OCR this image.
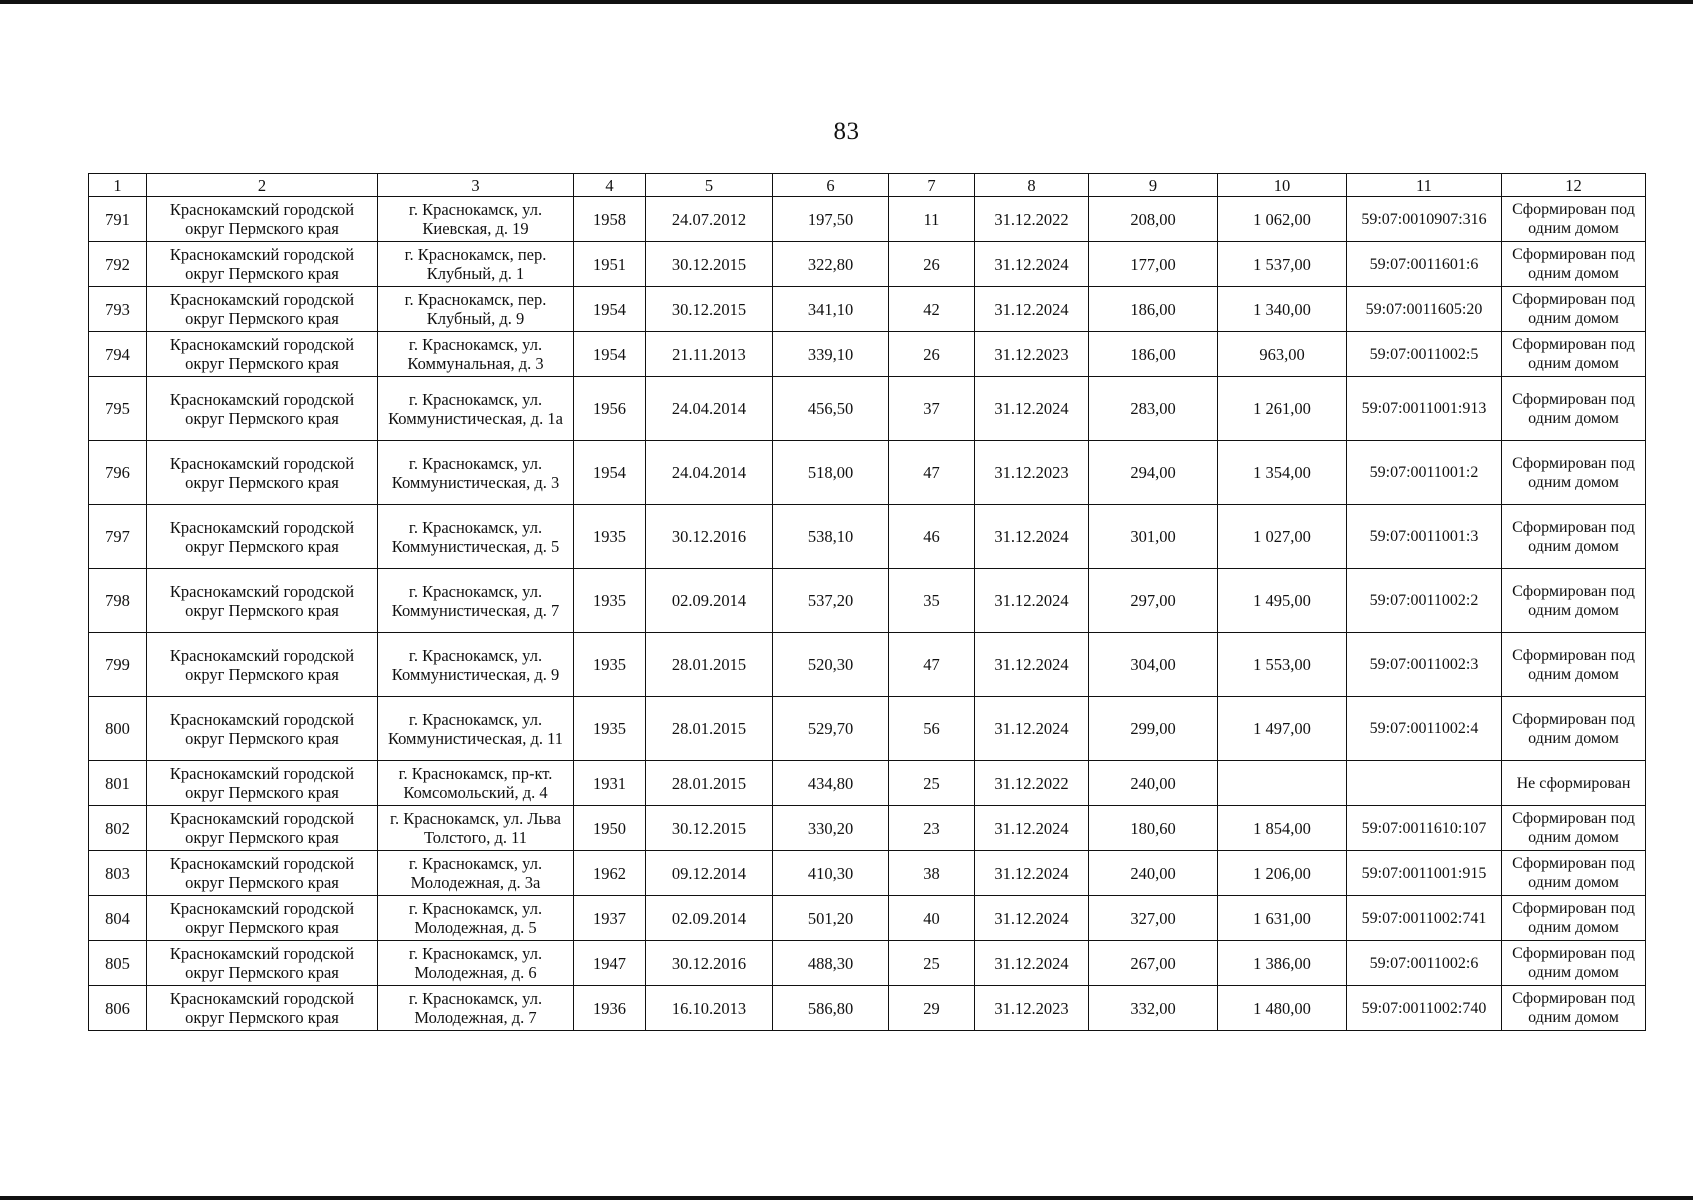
83
1	2	3	4	5	6	7	8	9	10	11	12
791	Краснокамский городской округ Пермского края	г. Краснокамск, ул. Киевская, д. 19	1958	24.07.2012	197,50	11	31.12.2022	208,00	1 062,00	59:07:0010907:316	Сформирован под одним домом
792	Краснокамский городской округ Пермского края	г. Краснокамск, пер. Клубный, д. 1	1951	30.12.2015	322,80	26	31.12.2024	177,00	1 537,00	59:07:0011601:6	Сформирован под одним домом
793	Краснокамский городской округ Пермского края	г. Краснокамск, пер. Клубный, д. 9	1954	30.12.2015	341,10	42	31.12.2024	186,00	1 340,00	59:07:0011605:20	Сформирован под одним домом
794	Краснокамский городской округ Пермского края	г. Краснокамск, ул. Коммунальная, д. 3	1954	21.11.2013	339,10	26	31.12.2023	186,00	963,00	59:07:0011002:5	Сформирован под одним домом
795	Краснокамский городской округ Пермского края	г. Краснокамск, ул. Коммунистическая, д. 1а	1956	24.04.2014	456,50	37	31.12.2024	283,00	1 261,00	59:07:0011001:913	Сформирован под одним домом
796	Краснокамский городской округ Пермского края	г. Краснокамск, ул. Коммунистическая, д. 3	1954	24.04.2014	518,00	47	31.12.2023	294,00	1 354,00	59:07:0011001:2	Сформирован под одним домом
797	Краснокамский городской округ Пермского края	г. Краснокамск, ул. Коммунистическая, д. 5	1935	30.12.2016	538,10	46	31.12.2024	301,00	1 027,00	59:07:0011001:3	Сформирован под одним домом
798	Краснокамский городской округ Пермского края	г. Краснокамск, ул. Коммунистическая, д. 7	1935	02.09.2014	537,20	35	31.12.2024	297,00	1 495,00	59:07:0011002:2	Сформирован под одним домом
799	Краснокамский городской округ Пермского края	г. Краснокамск, ул. Коммунистическая, д. 9	1935	28.01.2015	520,30	47	31.12.2024	304,00	1 553,00	59:07:0011002:3	Сформирован под одним домом
800	Краснокамский городской округ Пермского края	г. Краснокамск, ул. Коммунистическая, д. 11	1935	28.01.2015	529,70	56	31.12.2024	299,00	1 497,00	59:07:0011002:4	Сформирован под одним домом
801	Краснокамский городской округ Пермского края	г. Краснокамск, пр-кт. Комсомольский, д. 4	1931	28.01.2015	434,80	25	31.12.2022	240,00			Не сформирован
802	Краснокамский городской округ Пермского края	г. Краснокамск, ул. Льва Толстого, д. 11	1950	30.12.2015	330,20	23	31.12.2024	180,60	1 854,00	59:07:0011610:107	Сформирован под одним домом
803	Краснокамский городской округ Пермского края	г. Краснокамск, ул. Молодежная, д. 3а	1962	09.12.2014	410,30	38	31.12.2024	240,00	1 206,00	59:07:0011001:915	Сформирован под одним домом
804	Краснокамский городской округ Пермского края	г. Краснокамск, ул. Молодежная, д. 5	1937	02.09.2014	501,20	40	31.12.2024	327,00	1 631,00	59:07:0011002:741	Сформирован под одним домом
805	Краснокамский городской округ Пермского края	г. Краснокамск, ул. Молодежная, д. 6	1947	30.12.2016	488,30	25	31.12.2024	267,00	1 386,00	59:07:0011002:6	Сформирован под одним домом
806	Краснокамский городской округ Пермского края	г. Краснокамск, ул. Молодежная, д. 7	1936	16.10.2013	586,80	29	31.12.2023	332,00	1 480,00	59:07:0011002:740	Сформирован под одним домом
